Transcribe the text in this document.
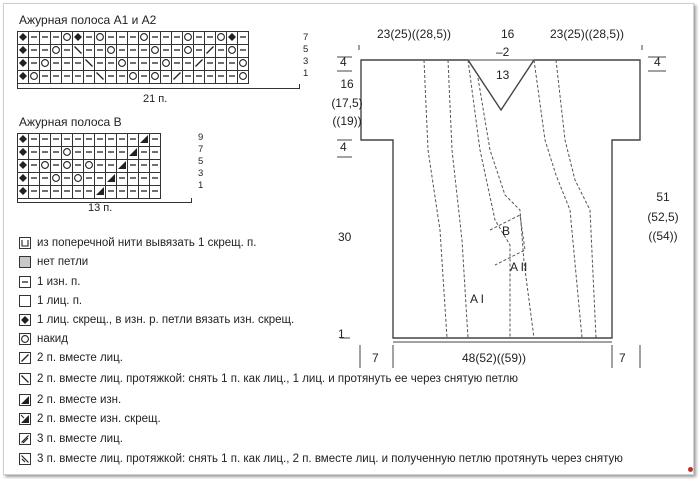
Ажурная полоса A1 и A2

7
5
3
1
21 п.
Ажурная полоса B

9
7
5
3
1
13 п.
из поперечной нити вывязать 1 скрещ. п.
нет петли
1 изн. п.
1 лиц. п.
1 лиц. скрещ., в изн. р. петли вязать изн. скрещ.
накид
2 п. вместе лиц.
2 п. вместе лиц. протяжкой: снять 1 п. как лиц., 1 лиц. и протянуть ее через снятую петлю
2 п. вместе изн.
2 п. вместе изн. скрещ.
3 п. вместе лиц.
3 п. вместе лиц. протяжкой: снять 1 п. как лиц., 2 п. вместе лиц. и полученную петлю протянуть через снятую
23(25)((28,5))	16
–2
23(25)((28,5))
13
4	4
16
(17,5)
((19))
4
30
51
(52,5)
((54))
1
7	48(52)((59))	7
B
A II
A I
